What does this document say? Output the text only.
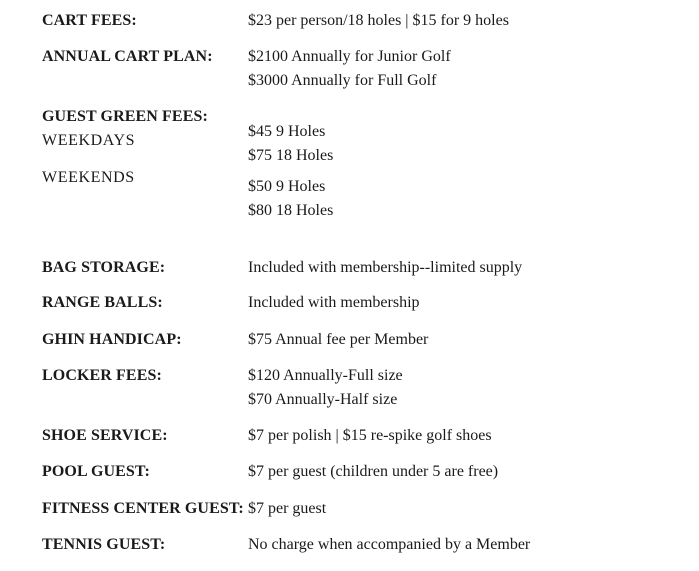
CART FEES:	$23 per person/18 holes | $15 for 9 holes
ANNUAL CART PLAN: $2100 Annually for Junior Golf
$3000 Annually for Full Golf
GUEST GREEN FEES:
WEEKDAYS
$45 9 Holes
$75 18 Holes
WEEKENDS
$50 9 Holes
$80 18 Holes
BAG STORAGE:	Included with membership--limited supply
RANGE BALLS:	Included with membership
GHIN HANDICAP:	$75 Annual fee per Member
LOCKER FEES:	$120 Annually-Full size
$70 Annually-Half size
SHOE SERVICE:	$7 per polish | $15 re-spike golf shoes
POOL GUEST:	$7 per guest (children under 5 are free)
FITNESS CENTER GUEST: $7 per guest
TENNIS GUEST:	No charge when accompanied by a Member
